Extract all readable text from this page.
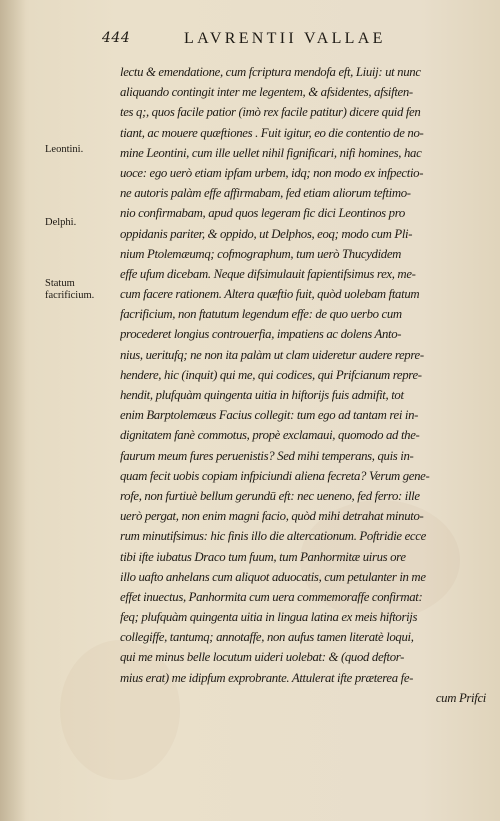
444	LAVRENTII VALLAE
Leontini.
Delphi.
Statum facrificium.
lectu & emendatione, cum fcriptura mendofa eft, Liuij: ut nunc
aliquando contingit inter me legentem, & afsidentes, afsiften-
tes q;, quos facile patior (imò rex facile patitur) dicere quid fen
tiant, ac mouere quæftiones . Fuit igitur, eo die contentio de no-
mine Leontini, cum ille uellet nihil fignificari, nifi homines, hac
uoce: ego uerò etiam ipfam urbem, idq; non modo ex infpectio-
ne autoris palàm effe affirmabam, fed etiam aliorum teftimo-
nio confirmabam, apud quos legeram fic dici Leontinos pro
oppidanis pariter, & oppido, ut Delphos, eoq; modo cum Pli-
nium Ptolemæumq; cofmographum, tum uerò Thucydidem
effe ufum dicebam. Neque difsimulauit fapientifsimus rex, me-
cum facere rationem. Altera quæftio fuit, quòd uolebam ftatum
facrificium, non ftatutum legendum effe: de quo uerbo cum
procederet longius controuerfia, impatiens ac dolens Anto-
nius, ueritufq; ne non ita palàm ut clam uideretur audere repre-
hendere, hic (inquit) qui me, qui codices, qui Prifcianum repre-
hendit, plufquàm quingenta uitia in hiftorijs fuis admifit, tot
enim Barptolemæus Facius collegit: tum ego ad tantam rei in-
dignitatem fanè commotus, propè exclamaui, quomodo ad the-
faurum meum fures peruenistis? Sed mihi temperans, quis in-
quam fecit uobis copiam infpiciundi aliena fecreta? Verum gene-
rofe, non furtiuè bellum gerundū eft: nec ueneno, fed ferro: ille
uerò pergat, non enim magni facio, quòd mihi detrahat minuto-
rum minutifsimus: hic finis illo die altercationum. Poftridie ecce
tibi ifte iubatus Draco tum fuum, tum Panhormitæ uirus ore
illo uafto anhelans cum aliquot aduocatis, cum petulanter in me
effet inuectus, Panhormita cum uera commemoraffe confirmat:
feq; plufquàm quingenta uitia in lingua latina ex meis hiftorijs
collegiffe, tantumq; annotaffe, non aufus tamen literatè loqui,
qui me minus belle locutum uideri uolebat: & (quod deftor-
mius erat) me idipfum exprobrante. Attulerat ifte præterea fe-
cum Prifci
